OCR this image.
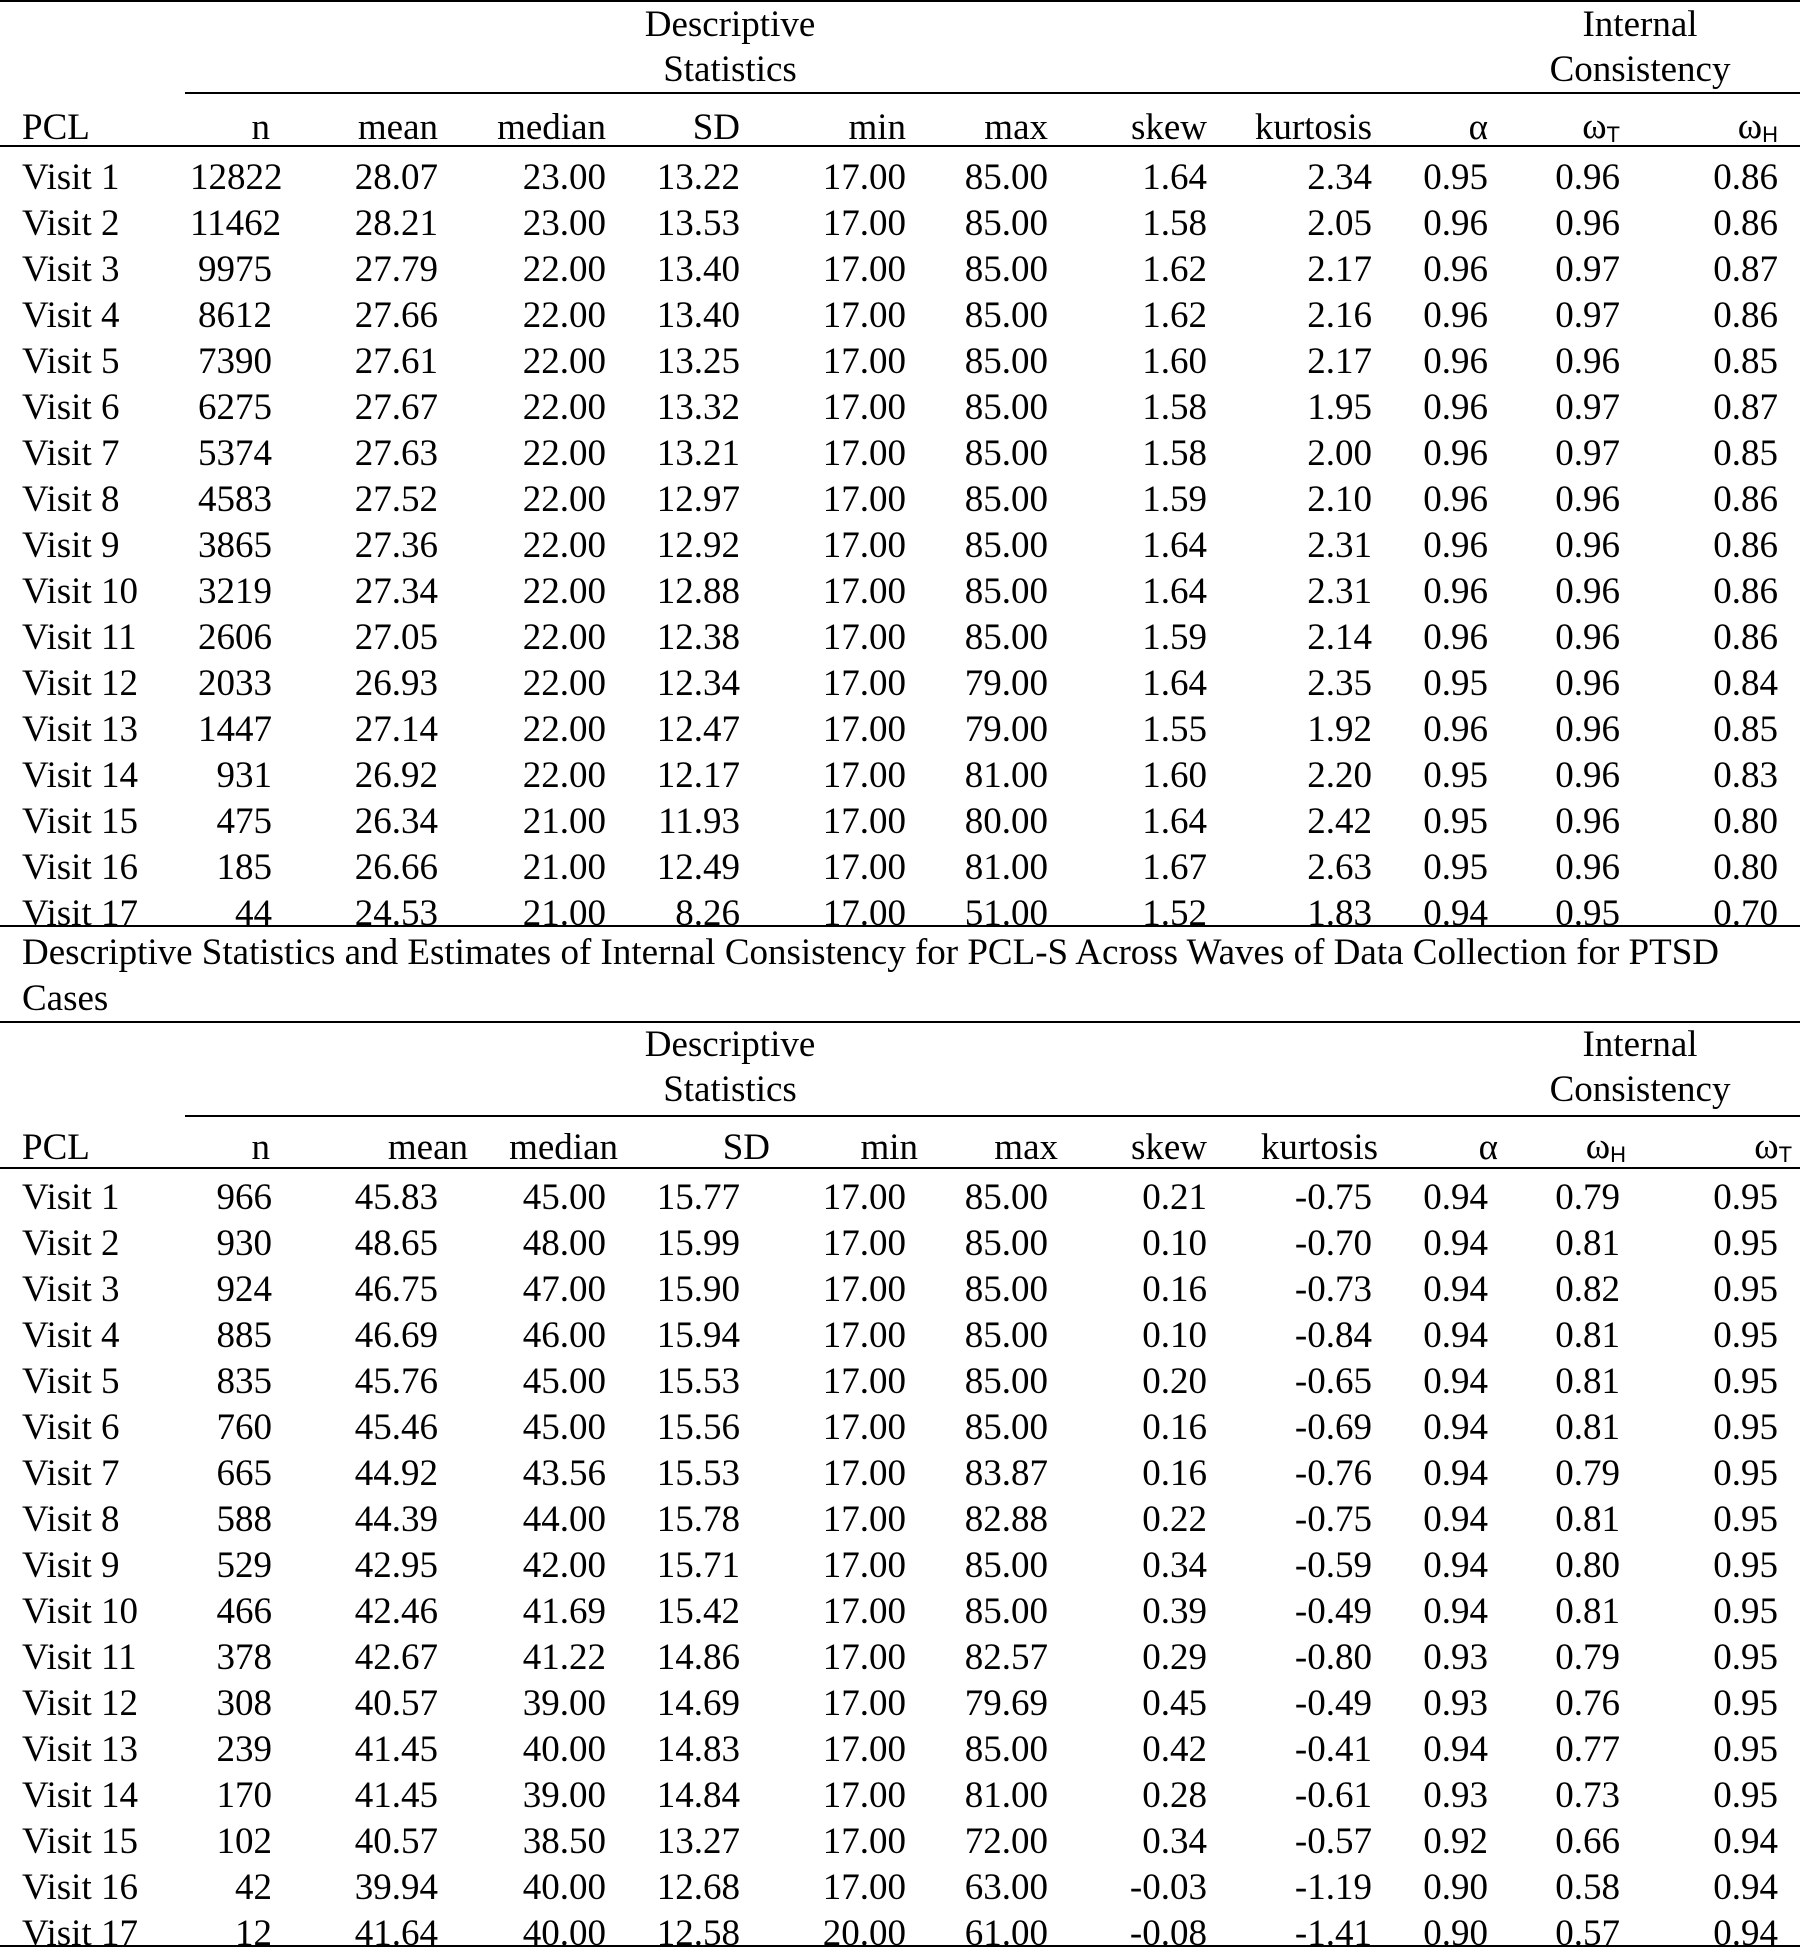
		Descriptive
Statistics							Internal
Consistency		
PCL	n	mean	median	SD	min	max	skew	kurtosis	α	$\omega_T$	$\omega_H$
Visit 1	12822	28.07	23.00	13.22	17.00	85.00	1.64	2.34	0.95	0.96	0.86
Visit 2	11462	28.21	23.00	13.53	17.00	85.00	1.58	2.05	0.96	0.96	0.86
Visit 3	9975	27.79	22.00	13.40	17.00	85.00	1.62	2.17	0.96	0.97	0.87
Visit 4	8612	27.66	22.00	13.40	17.00	85.00	1.62	2.16	0.96	0.97	0.86
Visit 5	7390	27.61	22.00	13.25	17.00	85.00	1.60	2.17	0.96	0.96	0.85
Visit 6	6275	27.67	22.00	13.32	17.00	85.00	1.58	1.95	0.96	0.97	0.87
Visit 7	5374	27.63	22.00	13.21	17.00	85.00	1.58	2.00	0.96	0.97	0.85
Visit 8	4583	27.52	22.00	12.97	17.00	85.00	1.59	2.10	0.96	0.96	0.86
Visit 9	3865	27.36	22.00	12.92	17.00	85.00	1.64	2.31	0.96	0.96	0.86
Visit 10	3219	27.34	22.00	12.88	17.00	85.00	1.64	2.31	0.96	0.96	0.86
Visit 11	2606	27.05	22.00	12.38	17.00	85.00	1.59	2.14	0.96	0.96	0.86
Visit 12	2033	26.93	22.00	12.34	17.00	79.00	1.64	2.35	0.95	0.96	0.84
Visit 13	1447	27.14	22.00	12.47	17.00	79.00	1.55	1.92	0.96	0.96	0.85
Visit 14	931	26.92	22.00	12.17	17.00	81.00	1.60	2.20	0.95	0.96	0.83
Visit 15	475	26.34	21.00	11.93	17.00	80.00	1.64	2.42	0.95	0.96	0.80
Visit 16	185	26.66	21.00	12.49	17.00	81.00	1.67	2.63	0.95	0.96	0.80
Visit 17	44	24.53	21.00	8.26	17.00	51.00	1.52	1.83	0.94	0.95	0.70
Descriptive Statistics and Estimates of Internal Consistency for PCL-S Across Waves of Data Collection for PTSD Cases
		Descriptive
Statistics							Internal
Consistency		
PCL	n	mean	median	SD	min	max	skew	kurtosis	α	$\omega_H$	$\omega_T$
Visit 1	966	45.83	45.00	15.77	17.00	85.00	0.21	-0.75	0.94	0.79	0.95
Visit 2	930	48.65	48.00	15.99	17.00	85.00	0.10	-0.70	0.94	0.81	0.95
Visit 3	924	46.75	47.00	15.90	17.00	85.00	0.16	-0.73	0.94	0.82	0.95
Visit 4	885	46.69	46.00	15.94	17.00	85.00	0.10	-0.84	0.94	0.81	0.95
Visit 5	835	45.76	45.00	15.53	17.00	85.00	0.20	-0.65	0.94	0.81	0.95
Visit 6	760	45.46	45.00	15.56	17.00	85.00	0.16	-0.69	0.94	0.81	0.95
Visit 7	665	44.92	43.56	15.53	17.00	83.87	0.16	-0.76	0.94	0.79	0.95
Visit 8	588	44.39	44.00	15.78	17.00	82.88	0.22	-0.75	0.94	0.81	0.95
Visit 9	529	42.95	42.00	15.71	17.00	85.00	0.34	-0.59	0.94	0.80	0.95
Visit 10	466	42.46	41.69	15.42	17.00	85.00	0.39	-0.49	0.94	0.81	0.95
Visit 11	378	42.67	41.22	14.86	17.00	82.57	0.29	-0.80	0.93	0.79	0.95
Visit 12	308	40.57	39.00	14.69	17.00	79.69	0.45	-0.49	0.93	0.76	0.95
Visit 13	239	41.45	40.00	14.83	17.00	85.00	0.42	-0.41	0.94	0.77	0.95
Visit 14	170	41.45	39.00	14.84	17.00	81.00	0.28	-0.61	0.93	0.73	0.95
Visit 15	102	40.57	38.50	13.27	17.00	72.00	0.34	-0.57	0.92	0.66	0.94
Visit 16	42	39.94	40.00	12.68	17.00	63.00	-0.03	-1.19	0.90	0.58	0.94
Visit 17	12	41.64	40.00	12.58	20.00	61.00	-0.08	-1.41	0.90	0.57	0.94
